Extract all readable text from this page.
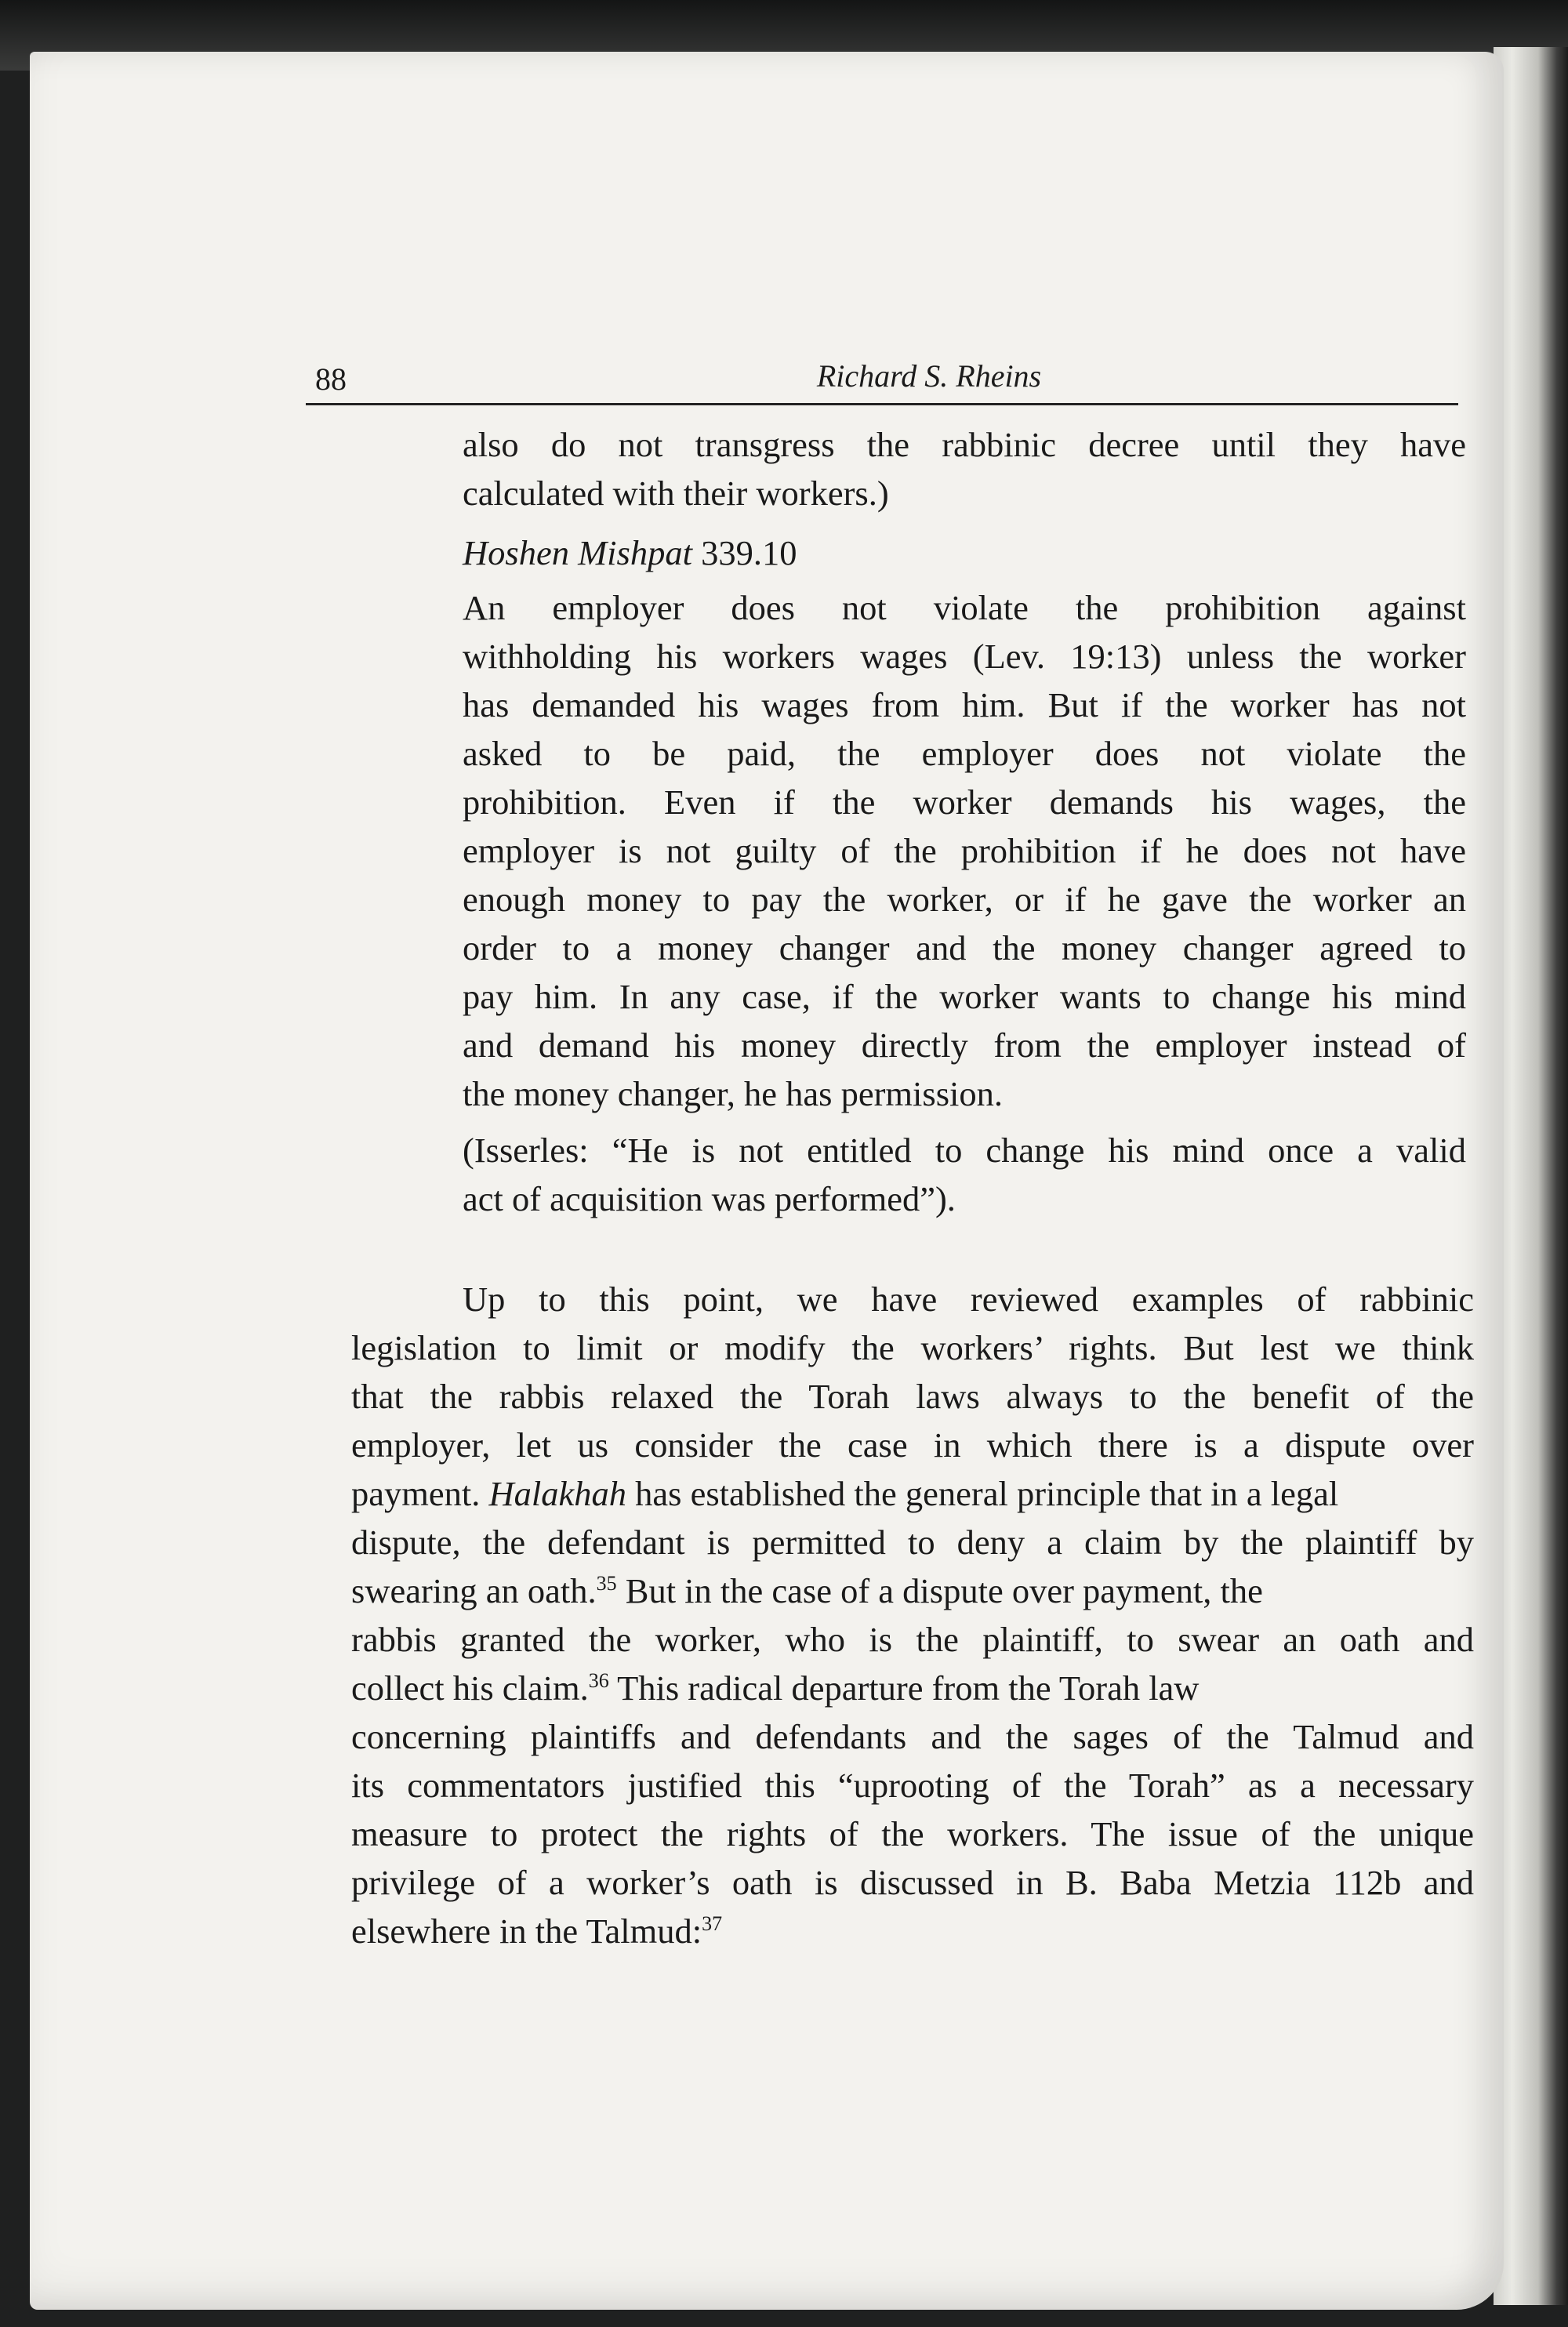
88	Richard S. Rheins
also do not transgress the rabbinic decree until they have
calculated with their workers.)
Hoshen Mishpat 339.10
An employer does not violate the prohibition against
withholding his workers wages (Lev. 19:13) unless the worker
has demanded his wages from him. But if the worker has not
asked to be paid, the employer does not violate the
prohibition. Even if the worker demands his wages, the
employer is not guilty of the prohibition if he does not have
enough money to pay the worker, or if he gave the worker an
order to a money changer and the money changer agreed to
pay him. In any case, if the worker wants to change his mind
and demand his money directly from the employer instead of
the money changer, he has permission.
(Isserles: “He is not entitled to change his mind once a valid
act of acquisition was performed”).
Up to this point, we have reviewed examples of rabbinic
legislation to limit or modify the workers’ rights. But lest we think
that the rabbis relaxed the Torah laws always to the benefit of the
employer, let us consider the case in which there is a dispute over
payment. Halakhah has established the general principle that in a legal
dispute, the defendant is permitted to deny a claim by the plaintiff by
swearing an oath.$^{35}$ But in the case of a dispute over payment, the
rabbis granted the worker, who is the plaintiff, to swear an oath and
collect his claim.$^{36}$ This radical departure from the Torah law
concerning plaintiffs and defendants and the sages of the Talmud and
its commentators justified this “uprooting of the Torah” as a necessary
measure to protect the rights of the workers. The issue of the unique
privilege of a worker’s oath is discussed in B. Baba Metzia 112b and
elsewhere in the Talmud:$^{37}$
